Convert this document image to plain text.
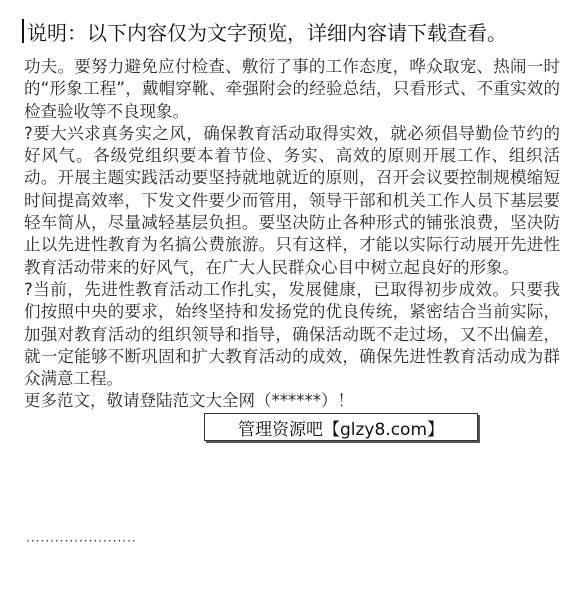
说明：以下内容仅为文字预览，详细内容请下载查看。

功夫。要努力避免应付检查、敷衍了事的工作态度，哗众取宠、热闹一时的“形象工程”，戴帽穿靴、牵强附会的经验总结，只看形式、不重实效的检查验收等不良现象。

?要大兴求真务实之风，确保教育活动取得实效，就必须倡导勤俭节约的好风气。各级党组织要本着节俭、务实、高效的原则开展工作、组织活动。开展主题实践活动要坚持就地就近的原则，召开会议要控制规模缩短时间提高效率，下发文件要少而管用，领导干部和机关工作人员下基层要轻车简从，尽量减轻基层负担。要坚决防止各种形式的铺张浪费，坚决防止以先进性教育为名搞公费旅游。只有这样，才能以实际行动展开先进性教育活动带来的好风气，在广大人民群众心目中树立起良好的形象。

?当前，先进性教育活动工作扎实，发展健康，已取得初步成效。只要我们按照中央的要求，始终坚持和发扬党的优良传统，紧密结合当前实际，加强对教育活动的组织领导和指导，确保活动既不走过场，又不出偏差，就一定能够不断巩固和扩大教育活动的成效，确保先进性教育活动成为群众满意工程。

更多范文，敬请登陆范文大全网（******）！

·······················
管理资源吧【glzy8.com】
